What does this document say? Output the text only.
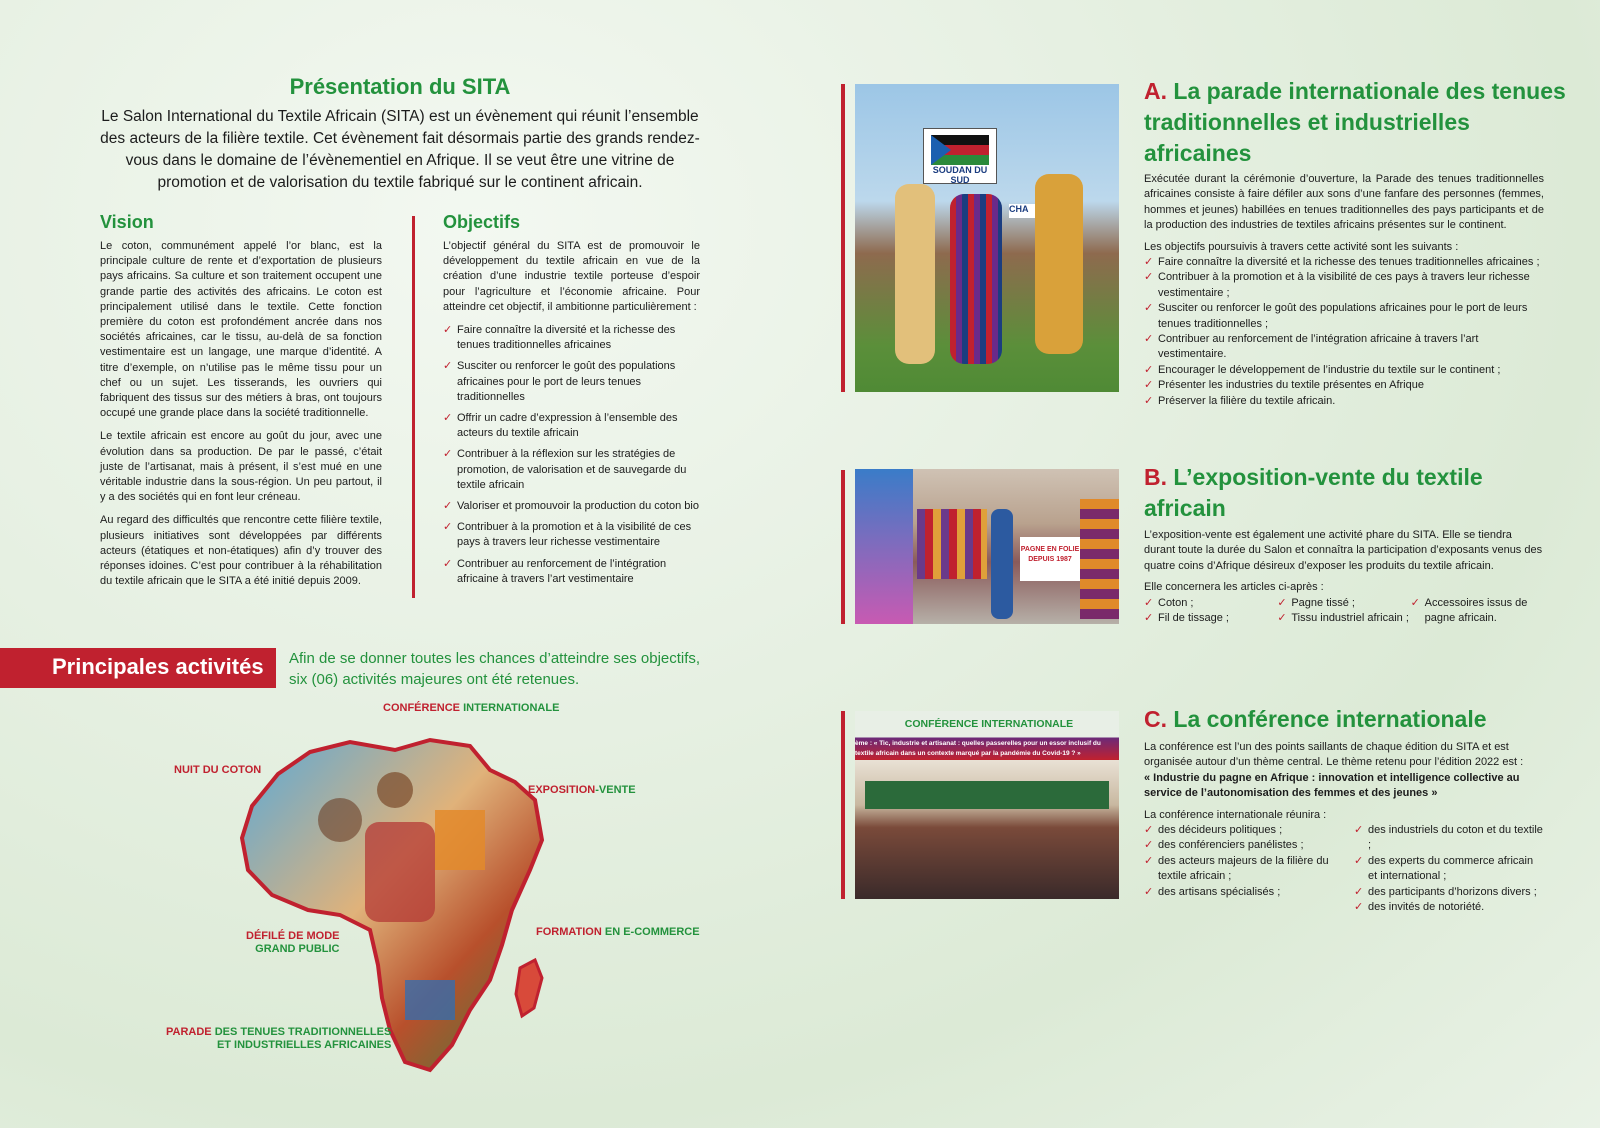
Présentation du SITA
Le Salon International du Textile Africain (SITA) est un évènement qui réunit l’ensemble des acteurs de la filière textile. Cet évènement fait désormais partie des grands rendez-vous dans le domaine de l’évènementiel en Afrique. Il se veut être une vitrine de promotion et de valorisation du textile fabriqué sur le continent africain.
Vision

Le coton, communément appelé l’or blanc, est la principale culture de rente et d’exportation de plusieurs pays africains. Sa culture et son traitement occupent une grande partie des activités des africains. Le coton est principalement utilisé dans le textile. Cette fonction première du coton est profondément ancrée dans nos sociétés africaines, car le tissu, au-delà de sa fonction vestimentaire est un langage, une marque d’identité. A titre d’exemple, on n’utilise pas le même tissu pour un chef ou un sujet. Les tisserands, les ouvriers qui fabriquent des tissus sur des métiers à bras, ont toujours occupé une grande place dans la société traditionnelle.

Le textile africain est encore au goût du jour, avec une évolution dans sa production. De par le passé, c’était juste de l’artisanat, mais à présent, il s’est mué en une véritable industrie dans la sous-région. Un peu partout, il y a des sociétés qui en font leur créneau.

Au regard des difficultés que rencontre cette filière textile, plusieurs initiatives sont développées par différents acteurs (étatiques et non-étatiques) afin d’y trouver des réponses idoines. C’est pour contribuer à la réhabilitation du textile africain que le SITA a été initié depuis 2009.

Objectifs

L’objectif général du SITA est de promouvoir le développement du textile africain en vue de la création d’une industrie textile porteuse d’espoir pour l’agriculture et l’économie africaine. Pour atteindre cet objectif, il ambitionne particulièrement :

✓ Faire connaître la diversité et la richesse des tenues traditionnelles africaines
✓ Susciter ou renforcer le goût des populations africaines pour le port de leurs tenues traditionnelles
✓ Offrir un cadre d’expression à l’ensemble des acteurs du textile africain
✓ Contribuer à la réflexion sur les stratégies de promotion, de valorisation et de sauvegarde du textile africain
✓ Valoriser et promouvoir la production du coton bio
✓ Contribuer à la promotion et à la visibilité de ces pays à travers leur richesse vestimentaire
✓ Contribuer au renforcement de l’intégration africaine à travers l’art vestimentaire
Principales activités	Afin de se donner toutes les chances d’atteindre ses objectifs, six (06) activités majeures ont été retenues.
CONFÉRENCE INTERNATIONALE
NUIT DU COTON
EXPOSITION-VENTE
DÉFILÉ DE MODE
GRAND PUBLIC
FORMATION EN E-COMMERCE
PARADE DES TENUES TRADITIONNELLES
ET INDUSTRIELLES AFRICAINES
SOUDAN DU SUD
CHA
A. La parade internationale des tenues traditionnelles et industrielles africaines

Exécutée durant la cérémonie d’ouverture, la Parade des tenues traditionnelles africaines consiste à faire défiler aux sons d’une fanfare des personnes (femmes, hommes et jeunes) habillées en tenues traditionnelles des pays participants et de la production des industries de textiles africains présentes sur le continent.

Les objectifs poursuivis à travers cette activité sont les suivants :

✓ Faire connaître la diversité et la richesse des tenues traditionnelles africaines ;
✓ Contribuer à la promotion et à la visibilité de ces pays à travers leur richesse vestimentaire ;
✓ Susciter ou renforcer le goût des populations africaines pour le port de leurs tenues traditionnelles ;
✓ Contribuer au renforcement de l’intégration africaine à travers l’art vestimentaire.
✓ Encourager le développement de l’industrie du textile sur le continent ;
✓ Présenter les industries du textile présentes en Afrique
✓ Préserver la filière du textile africain.
PAGNE EN FOLIE
DEPUIS 1987
B. L’exposition-vente du textile africain

L’exposition-vente est également une activité phare du SITA. Elle se tiendra durant toute la durée du Salon et connaîtra la participation d’exposants venus des quatre coins d’Afrique désireux d’exposer les produits du textile africain.

Elle concernera les articles ci-après :

✓ Coton ;
✓ Fil de tissage ;
✓ Pagne tissé ;
✓ Tissu industriel africain ;
✓ Accessoires issus de pagne africain.
CONFÉRENCE INTERNATIONALE
ème : « Tic, industrie et artisanat : quelles passerelles pour un essor inclusif du textile africain dans un contexte marqué par la pandémie du Covid-19 ? »
C. La conférence internationale

La conférence est l’un des points saillants de chaque édition du SITA et est organisée autour d’un thème central. Le thème retenu pour l’édition 2022 est :

« Industrie du pagne en Afrique : innovation et intelligence collective au service de l’autonomisation des femmes et des jeunes »

La conférence internationale réunira :

✓ des décideurs politiques ;
✓ des conférenciers panélistes ;
✓ des acteurs majeurs de la filière du textile africain ;
✓ des artisans spécialisés ;
✓ des industriels du coton et du textile ;
✓ des experts du commerce africain et international ;
✓ des participants d’horizons divers ;
✓ des invités de notoriété.
